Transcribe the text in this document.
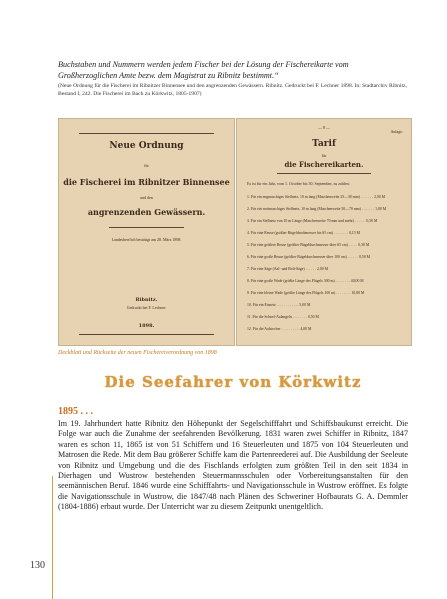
Buchstaben und Nummern werden jedem Fischer bei der Lösung der Fischereikarte vom Großherzoglichen Amte bezw. dem Magistrat zu Ribnitz bestimmt.“
(Neue Ordnung für die Fischerei im Ribnitzer Binnensee und den angrenzenden Gewässern. Ribnitz. Gedruckt bei F. Lechner 1898. In: Stadtarchiv Ribnitz, Bestand I, 242. Die Fischerei im Bach zu Körkwitz, 1805-1907)
Neue Ordnung
für
die Fischerei im Ribnitzer Binnensee
und den
angrenzenden Gewässern.
Landesherrlich bestätigt am 28. März 1898.
Ribnitz.
Gedruckt bei F. Lechner.
1898.
— 8 —
Anlage.
Tarif
für
die Fischereikarten.
Es ist für ein Jahr, vom 1. October bis 30. September, zu zahlen:
1. Für ein engmaschiges Stellnetz, 10 m lang (Maschenweite 25—30 mm) . . . . . . . 2,00 M
2. Für ein weitmaschiges Stellnetz, 10 m lang (Maschenweite 50—70 mm) . . . . . . . 1,00 M
3. Für ein Stellnetz von 10 m Länge (Maschenweite 70 mm und mehr) . . . . . . 0,50 M
4. Für eine Reuse (größter Bügeldurchmesser bis 65 cm) . . . . . . . . 0,15 M
5. Für eine größere Reuse (größter Bügeldurchmesser über 65 cm) . . . . . 0,30 M
6. Für eine große Reuse (größter Bügeldurchmesser über 100 cm) . . . . . . 0,50 M
7. Für eine Säge (Aal- und Bolt-Säge) . . . . . . 2,00 M
8. Für eine große Wade (größte Länge des Flügels 300 m) . . . . . . . . 40,00 M
9. Für eine kleine Wade (größte Länge des Flügels 100 m) . . . . . . . . 10,00 M
10. Für ein Eisnetz . . . . . . . . . . . . 5,00 M
11. Für die Schnef-Aalangeln . . . . . . . . 0,50 M
12. Für die Aalstecher . . . . . . . . . . 4,00 M
Deckblatt und Rückseite der neuen Fischereiverordnung von 1898
Die Seefahrer von Körkwitz
1895 . . .
Im 19. Jahrhundert hatte Ribnitz den Höhepunkt der Segelschifffahrt und Schiffsbaukunst erreicht. Die Folge war auch die Zunahme der seefahrenden Bevölkerung. 1831 waren zwei Schiffer in Ribnitz, 1847 waren es schon 11, 1865 ist von 51 Schiffern und 16 Steuerleuten und 1875 von 104 Steuerleuten und Matrosen die Rede. Mit dem Bau größerer Schiffe kam die Partenreederei auf. Die Ausbildung der Seeleute von Ribnitz und Umgebung und die des Fischlands erfolgten zum größten Teil in den seit 1834 in Dierhagen und Wustrow bestehenden Steuermannsschulen oder Vorbereitungsanstalten für den seemännischen Beruf. 1846 wurde eine Schifffahrts- und Navigationsschule in Wustrow eröffnet. Es folgte die Navigationsschule in Wustrow, die 1847/48 nach Plänen des Schweriner Hofbaurats G. A. Demmler (1804-1886) erbaut wurde. Der Unterricht war zu diesem Zeitpunkt unentgeltlich.
130
